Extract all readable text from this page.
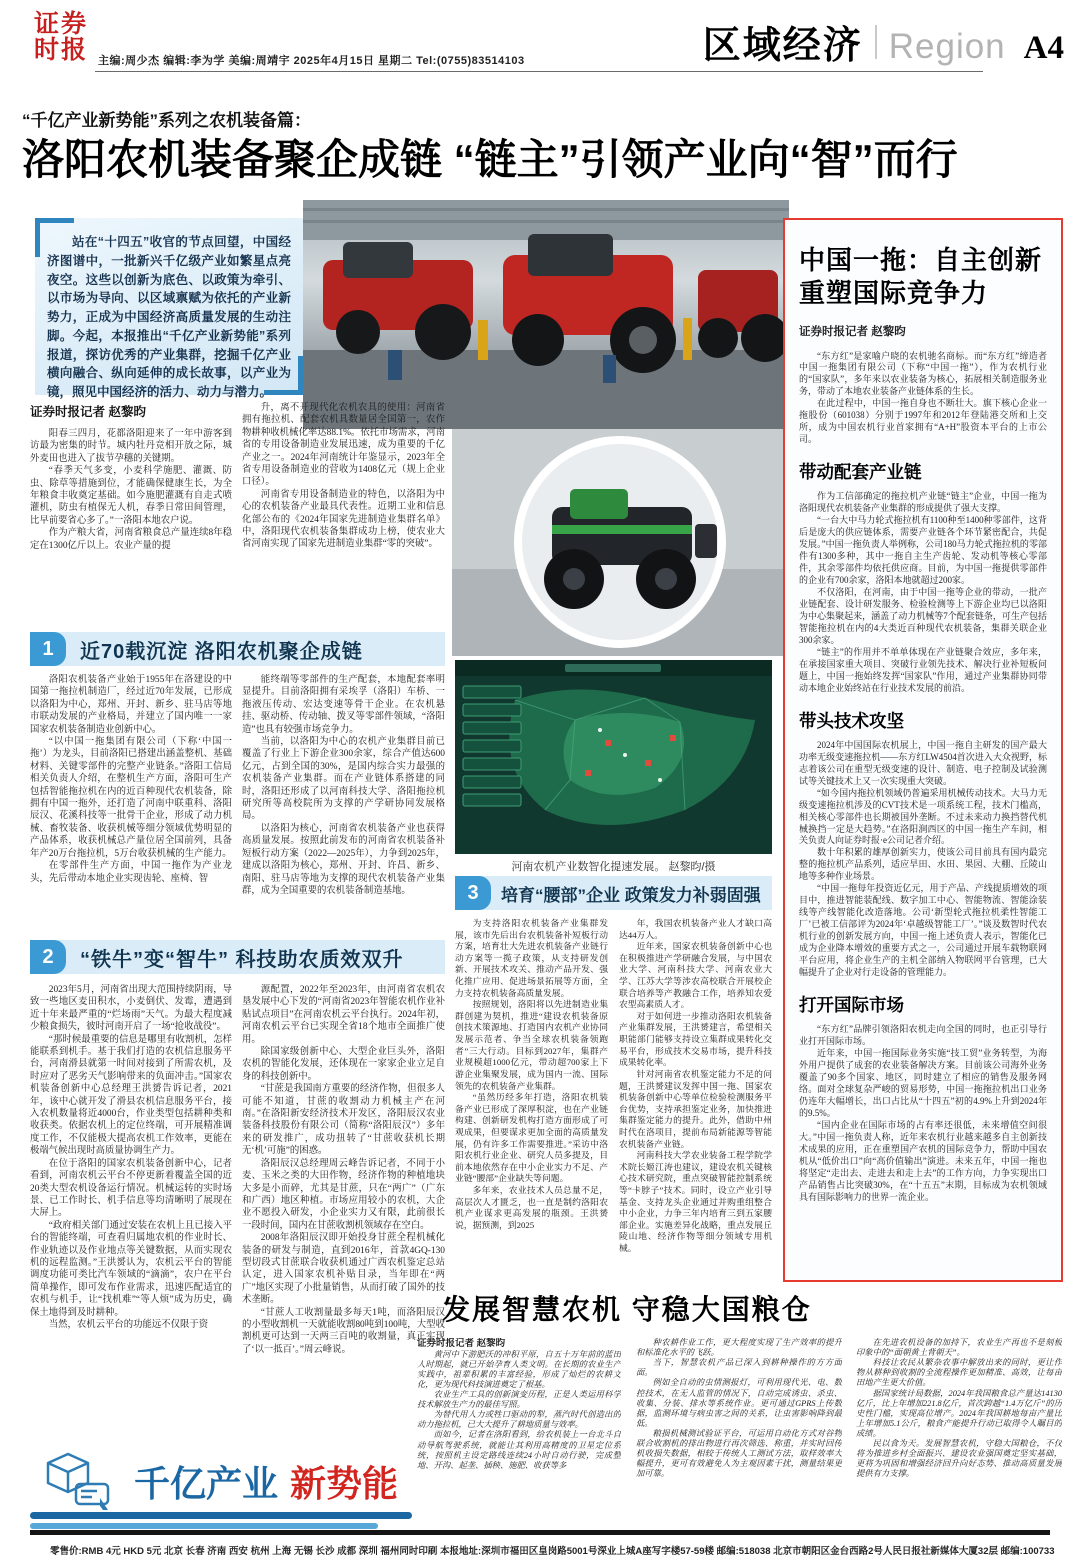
证券
时报 主编:周少杰 编辑:李为学 美编:周靖宇 2025年4月15日 星期二 Tel:(0755)83514103	区域经济 Region A4
“千亿产业新势能”系列之农机装备篇：
洛阳农机装备聚企成链 “链主”引领产业向“智”而行
站在“十四五”收官的节点回望，中国经济图谱中，一批新兴千亿级产业如繁星点亮夜空。这些以创新为底色、以政策为牵引、以市场为导向、以区域禀赋为依托的产业新势力，正成为中国经济高质量发展的生动注脚。今起，本报推出“千亿产业新势能”系列报道，探访优秀的产业集群，挖掘千亿产业横向融合、纵向延伸的成长故事，以产业为镜，照见中国经济的活力、动力与潜力。
河南农机产业数智化提速发展。 赵黎昀/摄
证券时报记者 赵黎昀

阳春三四月，花都洛阳迎来了一年中游客到访最为密集的时节。城内牡丹竞相开放之际，城外麦田也进入了拔节孕穗的关键期。

“春季天气多变，小麦科学施肥、灌溉、防虫、除草等措施到位，才能确保健康生长，为全年粮食丰收奠定基础。如今施肥灌溉有自走式喷灌机，防虫有植保无人机，春季日常田间管理，比早前要省心多了。”一洛阳本地农户说。

作为产粮大省，河南省粮食总产量连续8年稳定在1300亿斤以上。农业产量的提

升，离不开现代化农机农具的使用：河南省拥有拖拉机、配套农机具数量居全国第一，农作物耕种收机械化率达88.1%。依托市场需求，河南省的专用设备制造业发展迅速，成为重要的千亿产业之一。2024年河南统计年鉴显示，2023年全省专用设备制造业的营收为1408亿元（规上企业口径）。

河南省专用设备制造业的特色，以洛阳为中心的农机装备产业最具代表性。近期工业和信息化部公布的《2024年国家先进制造业集群名单》中，洛阳现代农机装备集群成功上榜，使农业大省河南实现了国家先进制造业集群“零的突破”。

1	近70载沉淀 洛阳农机聚企成链

洛阳农机装备产业始于1955年在洛建设的中国第一拖拉机制造厂，经过近70年发展，已形成以洛阳为中心，郑州、开封、新乡、驻马店等地市联动发展的产业格局，并建立了国内唯一一家国家农机装备制造业创新中心。

“以中国一拖集团有限公司（下称‘中国一拖’）为龙头，目前洛阳已搭建出涵盖整机、基础材料、关键零部件的完整产业链条。”洛阳工信局相关负责人介绍，在整机生产方面，洛阳可生产包括智能拖拉机在内的近百种现代农机装备，除拥有中国一拖外，还打造了河南中联重科、洛阳辰汉、花溪科技等一批骨干企业，形成了动力机械、畜牧装备、收获机械等细分领域优势明显的产品体系，收获机械总产量位居全国前列，具备年产20万台拖拉机，5万台收获机械的生产能力。

在零部件生产方面，中国一拖作为产业龙头，先后带动本地企业实现齿轮、座椅、智

能终端等零部件的生产配套，本地配套率明显提升。目前洛阳拥有采埃孚（洛阳）车桥、一拖液压传动、宏达变速等骨干企业。在农机悬挂、驱动桥、传动轴、拨叉等零部件领域，“洛阳造”也具有较强市场竞争力。

当前，以洛阳为中心的农机产业集群目前已覆盖了行业上下游企业300余家，综合产值达600亿元，占到全国的30%，是国内综合实力最强的农机装备产业集群。而在产业链体系搭建的同时，洛阳还形成了以河南科技大学、洛阳拖拉机研究所等高校院所为支撑的产学研协同发展格局。

以洛阳为核心，河南省农机装备产业也获得高质量发展。按照此前发布的河南省农机装备补短板行动方案（2022—2025年），力争到2025年，建成以洛阳为核心，郑州、开封、许昌、新乡、南阳、驻马店等地为支撑的现代农机装备产业集群，成为全国重要的农机装备制造基地。

2	“铁牛”变“智牛” 科技助农质效双升

2023年5月，河南省出现大范围持续阴雨，导致一些地区麦田积水，小麦倒伏、发霉，遭遇到近十年来最严重的“烂场雨”天气。为最大程度减少粮食损失，彼时河南开启了一场“抢收战役”。

“那时候最重要的信息是哪里有收割机，怎样能联系到机手。基于我们打造的农机信息服务平台，河南滑县就第一时间对接到了所需农机，及时应对了恶劣天气影响带来的负面冲击。”国家农机装备创新中心总经理王洪赟告诉记者，2021年，该中心就开发了滑县农机信息服务平台，接入农机数量将近4000台，作业类型包括耕种类和收获类。依据农机上的定位终端，可开展精准调度工作，不仅能极大提高农机工作效率，更能在极端气候出现时高质量协调生产力。

在位于洛阳的国家农机装备创新中心，记者看到，河南农机云平台不停更新着覆盖全国的近20类大型农机设备运行情况。机械运转的实时场景、已工作时长、机手信息等均清晰明了展现在大屏上。

“政府相关部门通过安装在农机上且已接入平台的智能终端，可查看归属地农机的作业时长、作业轨迹以及作业地点等关键数据，从而实现农机的远程监测。”王洪赟认为，农机云平台的智能调度功能可类比汽车领域的“滴滴”，农户在平台简单操作，即可发布作业需求，迅速匹配适宜的农机与机手，让“找机难”“等人烦”成为历史，确保土地得到及时耕种。

当然，农机云平台的功能远不仅限于资

源配置，2022年至2023年，由河南省农机农垦发展中心下发的“河南省2023年智能农机作业补贴试点项目”在河南农机云平台执行。2024年初，河南农机云平台已实现全省18个地市全面推广使用。

除国家级创新中心、大型企业巨头外，洛阳农机的智能化发展，还体现在一家家企业立足自身的科技创新中。

“甘蔗是我国南方重要的经济作物，但很多人可能不知道，甘蔗的收割动力机械主产在河南。”在洛阳新安经济技术开发区，洛阳辰汉农业装备科技股份有限公司（简称“洛阳辰汉”）多年来的研发推广，成功扭转了“甘蔗收获机长期无‘机’可施”的困惑。

洛阳辰汉总经理周云峰告诉记者，不同于小麦、玉米之类的大田作物，经济作物的种植地块大多是小而碎，尤其是甘蔗，只在“两广”（广东和广西）地区种植。市场应用较小的农机，大企业不愿投入研发，小企业实力又有限，此前很长一段时间，国内在甘蔗收割机领域存在空白。

2008年洛阳辰汉即开始投身甘蔗全程机械化装备的研发与制造，直到2016年，首款4GQ-130型切段式甘蔗联合收获机通过广西农机鉴定总站认定，进入国家农机补贴目录，当年即在“两广”地区实现了小批量销售，从而打破了国外的技术垄断。

“甘蔗人工收割量最多每天1吨，而洛阳辰汉的小型收割机一天就能收割80吨到100吨，大型收割机更可达到一天两三百吨的收割量，真正实现了‘以一抵百’。”周云峰说。

3	培育“腰部”企业 政策发力补弱固强

为支持洛阳农机装备产业集群发展，该市先后出台农机装备补短板行动方案，培育壮大先进农机装备产业链行动方案等一揽子政策，从支持研发创新、开展技术攻关、推动产品开发、强化推广应用、促进场景拓展等方面，全力支持农机装备高质量发展。

按照规划，洛阳将以先进制造业集群创建为契机，推进“建设农机装备原创技术策源地、打造国内农机产业协同发展示范者、争当全球农机装备领跑者”三大行动。目标到2027年，集群产业规模超1000亿元，带动超700家上下游企业集聚发展，成为国内一流、国际领先的农机装备产业集群。

“虽然历经多年打造，洛阳农机装备产业已形成了深厚积淀，也在产业链构建、创新研发机构打造方面形成了可观成果，但要谋求更加全面的高质量发展，仍有许多工作需要推进。”采访中洛阳农机行业企业、研究人员多提及，目前本地依然存在中小企业实力不足、产业链“腰部”企业缺失等问题。

多年来，农业技术人员总量不足，高层次人才匮乏，也一直是制约洛阳农机产业谋求更高发展的瓶颈。王洪赟说，据预测，到2025

年，我国农机装备产业人才缺口高达44万人。

近年来，国家农机装备创新中心也在积极推进产学研融合发展，与中国农业大学、河南科技大学、河南农业大学、江苏大学等涉农高校联合开展校企联合培养等产教融合工作，培养知农爱农型高素质人才。

对于如何进一步推动洛阳农机装备产业集群发展，王洪赟建言，希望相关职能部门能够支持设立集群成果转化交易平台，形成技术交易市场，提升科技成果转化率。

针对河南省农机鉴定能力不足的问题，王洪赟建议发挥中国一拖、国家农机装备创新中心等单位检验检测服务平台优势，支持承担鉴定业务，加快推进集群鉴定能力的提升。此外，借助中州时代在洛项目，提前布局新能源等智能农机装备产业链。

河南科技大学农业装备工程学院学术院长姬江涛也建议，建设农机关键核心技术研究院，重点突破智能控制系统等“卡脖子”技术。同时，设立产业引导基金、支持龙头企业通过并购重组整合中小企业，力争三年内培育三到五家腰部企业。实施差异化战略，重点发展丘陵山地、经济作物等细分领域专用机械。

中国一拖：自主创新
重塑国际竞争力
证券时报记者 赵黎昀

“东方红”是家喻户晓的农机驰名商标。而“东方红”缔造者中国一拖集团有限公司（下称“中国一拖”），作为农机行业的“国家队”，多年来以农业装备为核心，拓展相关制造服务业务，带动了本地农业装备产业链体系的生长。

在此过程中，中国一拖自身也不断壮大。旗下核心企业一拖股份（601038）分别于1997年和2012年登陆港交所和上交所，成为中国农机行业首家拥有“A+H”股资本平台的上市公司。

带动配套产业链

作为工信部确定的拖拉机产业链“链主”企业，中国一拖为洛阳现代农机装备产业集群的形成提供了强大支撑。

“一台大中马力轮式拖拉机有1100种至1400种零部件，这背后是庞大的供应链体系，需要产业链各个环节紧密配合，共促发展。”中国一拖负责人举例称，公司180马力轮式拖拉机的零部件有1300多种，其中一拖自主生产齿轮、发动机等核心零部件，其余零部件均依托供应商。目前，为中国一拖提供零部件的企业有700余家，洛阳本地就超过200家。

不仅洛阳，在河南，由于中国一拖等企业的带动，一批产业链配套、设计研发服务、检验检测等上下游企业均已以洛阳为中心集聚起来，涵盖了动力机械等7个配套链条，可生产包括智能拖拉机在内的4大类近百种现代农机装备，集群关联企业300余家。

“链主”的作用并不单单体现在产业链聚合效应，多年来，在承接国家重大项目、突破行业领先技术、解决行业补短板问题上，中国一拖始终发挥“国家队”作用，通过产业集群协同带动本地企业始终站在行业技术发展的前沿。

带头技术攻坚

2024年中国国际农机展上，中国一拖自主研发的国产最大功率无级变速拖拉机——东方红LW4504首次进入大众视野，标志着该公司在重型无级变速的设计、制造、电子控制及试验测试等关键技术上又一次实现重大突破。

“如今国内拖拉机领域仍普遍采用机械传动技术。大马力无级变速拖拉机涉及的CVT技术是一项系统工程，技术门槛高，相关核心零部件也长期被国外垄断。不过未来动力换挡替代机械换挡一定是大趋势。”在洛阳涧西区的中国一拖生产车间，相关负责人向证券时报·e公司记者介绍。

数十年积累的雄厚创新实力，使该公司目前具有国内最完整的拖拉机产品系列，适应旱田、水田、果园、大棚、丘陵山地等多种作业场景。

“中国一拖每年投资近亿元，用于产品、产线提质增效的项目中，推进智能装配线、数字加工中心、智能物流、智能涂装线等产线智能化改造落地。公司‘新型轮式拖拉机柔性智能工厂’已被工信部评为2024年‘卓越级智能工厂’。”谈及数智时代农机行业的创新发展方向，中国一拖上述负责人表示，智能化已成为企业降本增效的重要方式之一，公司通过开展车载物联网平台应用，将企业生产的主机全部纳入物联网平台管理，已大幅提升了企业对行走设备的管理能力。

打开国际市场

“东方红”品牌引领洛阳农机走向全国的同时，也正引导行业打开国际市场。

近年来，中国一拖国际业务实施“技工贸”业务转型，为海外用户提供了成套的农业装备解决方案。目前该公司海外业务覆盖了90多个国家、地区，同时建立了相应的销售及服务网络。面对全球复杂严峻的贸易形势，中国一拖拖拉机出口业务仍连年大幅增长，出口占比从“十四五”初的4.9%上升到2024年的9.5%。

“国内企业在国际市场的占有率还很低，未来增值空间很大。”中国一拖负责人称，近年来农机行业越来越多自主创新技术成果的应用，正在重塑国产农机的国际竞争力，帮助中国农机从“低价出口”向“高价值输出”演进。未来五年，中国一拖也将坚定“走出去、走进去和走上去”的工作方向，力争实现出口产品销售占比突破30%，在“十五五”末期，目标成为农机领域具有国际影响力的世界一流企业。

发展智慧农机 守稳大国粮仓

证券时报记者 赵黎昀

黄河中下游肥沃的冲积平原，自五十万年前的蓝田人时期起，就已开始孕育人类文明。在长期的农业生产实践中，祖辈积累的丰富经验，形成了灿烂的农耕文化，更为现代科技演进奠定了根基。

农业生产工具的创新演变历程，正是人类运用科学技术解放生产力的最佳写照。

为替代用人力或牲口驱动的犁，蒸汽时代创造出的动力拖拉机，已大大提升了耕地质量与效率。

而如今，记者在洛阳看到，给农机装上一台北斗自动导航驾驶系统，就能让其利用高精度的卫星定位系统，按照机主设定路线连续24小时自动行驶，完成整地、开沟、起垄、插秧、施肥、收获等多

种农耕作业工作，更大程度实现了生产效率的提升和标准化水平的飞跃。

当下，智慧农机产品已深入到耕种操作的方方面面。

例如全自动的虫情测报灯，可利用现代光、电、数控技术，在无人监管的情况下，自动完成诱虫、杀虫、收集、分装、排水等系统作业。更可通过GPRS上传数据，监测环境与病虫害之间的关系，让虫害影响降到最低。

粮损机械测试验证平台，可运用自动化方式对谷物联合收割机的排出物进行再次筛选、称重，并实时回传机收损失数据，相较于传统人工测试方法，取样效率大幅提升，更可有效避免人为主观因素干扰，测量结果更加可靠。

在先进农机设备的加持下，农业生产再也不是刻板印象中的“面朝黄土背朝天”。

科技让农民从繁杂农事中解放出来的同时，更让作物从耕种到收割的全流程操作更加精准、高效，让每亩田地产生更大价值。

据国家统计局数据，2024年我国粮食总产量达14130亿斤，比上年增加221.8亿斤，首次跨越“1.4万亿斤”的历史性门槛，实现高位增产。2024年我国耕地每亩产量比上年增加5.1公斤，粮食产能提升行动已取得令人瞩目的成绩。

民以食为天。发展智慧农机，守稳大国粮仓，不仅将为推进乡村全面振兴、建设农业强国奠定坚实基础，更将为巩固和增强经济回升向好态势、推动高质量发展提供有力支撑。

千亿产业 新势能
零售价:RMB 4元 HKD 5元 北京 长春 济南 西安 杭州 上海 无锡 长沙 成都 深圳 福州同时印刷 本报地址:深圳市福田区皇岗路5001号深业上城A座写字楼57-59楼 邮编:518038 北京市朝阳区金台西路2号人民日报社新媒体大厦32层 邮编:100733
